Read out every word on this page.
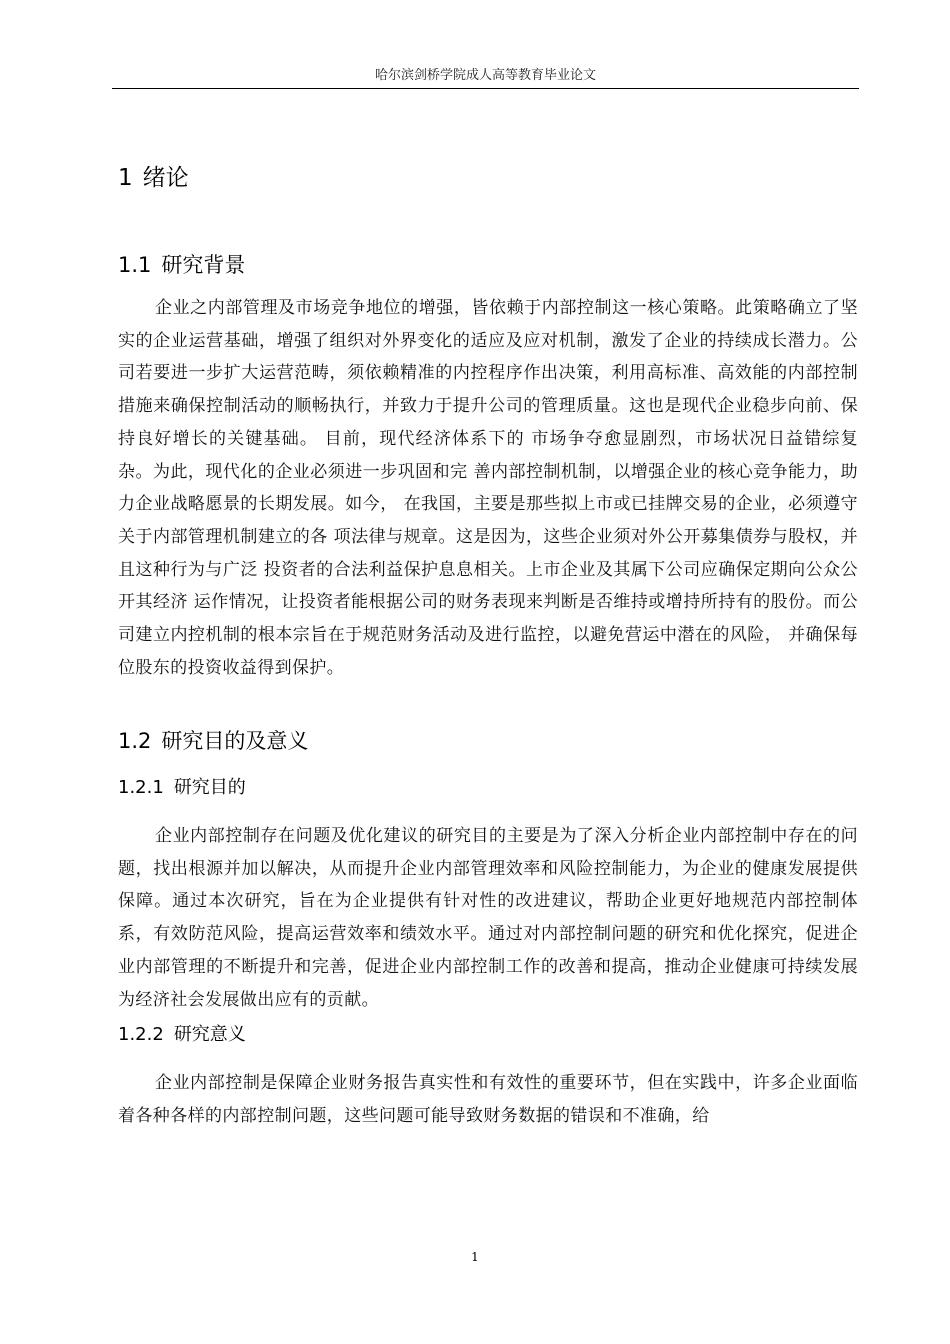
哈尔滨剑桥学院成人高等教育毕业论文
1 绪论
1.1 研究背景

企业之内部管理及市场竞争地位的增强，皆依赖于内部控制这一核心策略。此策略确立了坚实的企业运营基础，增强了组织对外界变化的适应及应对机制，激发了企业的持续成长潜力。公司若要进一步扩大运营范畴，须依赖精准的内控程序作出决策，利用高标准、高效能的内部控制措施来确保控制活动的顺畅执行，并致力于提升公司的管理质量。这也是现代企业稳步向前、保持良好增长的关键基础。 目前，现代经济体系下的 市场争夺愈显剧烈，市场状况日益错综复杂。为此，现代化的企业必须进一步巩固和完 善内部控制机制，以增强企业的核心竞争能力，助力企业战略愿景的长期发展。如今， 在我国，主要是那些拟上市或已挂牌交易的企业，必须遵守关于内部管理机制建立的各 项法律与规章。这是因为，这些企业须对外公开募集债券与股权，并且这种行为与广泛 投资者的合法利益保护息息相关。上市企业及其属下公司应确保定期向公众公开其经济 运作情况，让投资者能根据公司的财务表现来判断是否维持或增持所持有的股份。而公 司建立内控机制的根本宗旨在于规范财务活动及进行监控，以避免营运中潜在的风险， 并确保每位股东的投资收益得到保护。

1.2 研究目的及意义
1.2.1 研究目的

企业内部控制存在问题及优化建议的研究目的主要是为了深入分析企业内部控制中存在的问题，找出根源并加以解决，从而提升企业内部管理效率和风险控制能力，为企业的健康发展提供保障。通过本次研究，旨在为企业提供有针对性的改进建议，帮助企业更好地规范内部控制体系，有效防范风险，提高运营效率和绩效水平。通过对内部控制问题的研究和优化探究，促进企业内部管理的不断提升和完善，促进企业内部控制工作的改善和提高，推动企业健康可持续发展为经济社会发展做出应有的贡献。

1.2.2 研究意义

企业内部控制是保障企业财务报告真实性和有效性的重要环节，但在实践中，许多企业面临着各种各样的内部控制问题，这些问题可能导致财务数据的错误和不准确，给

1
